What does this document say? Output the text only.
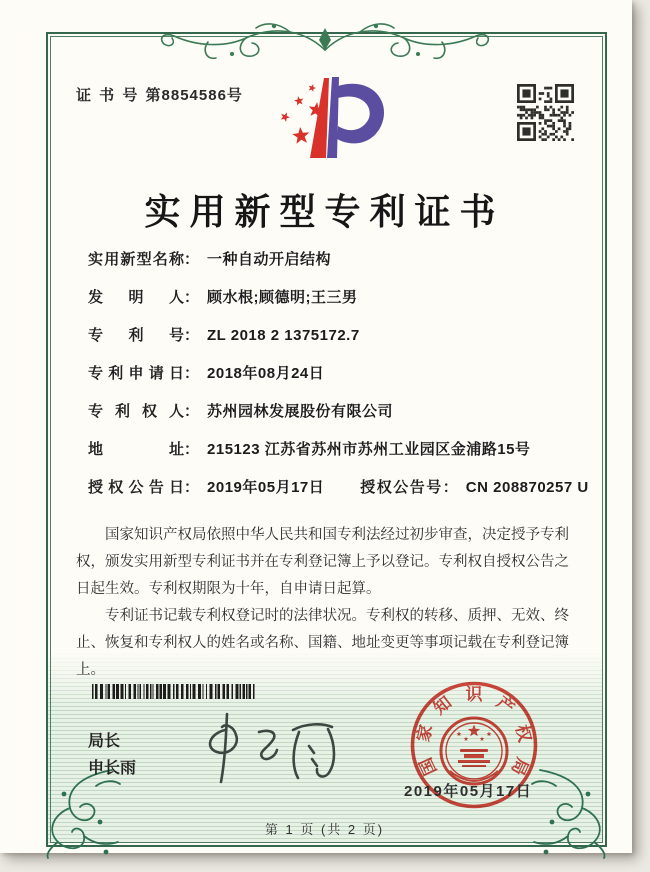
证 书 号 第8854586号
实用新型专利证书
实用新型名称： 一种自动开启结构
发明人： 顾水根;顾德明;王三男
专利号： ZL 2018 2 1375172.7
专利申请日： 2018年08月24日
专利权人： 苏州园林发展股份有限公司
地址： 215123 江苏省苏州市苏州工业园区金浦路15号
授权公告日： 2019年05月17日 授权公告号： CN 208870257 U

国家知识产权局依照中华人民共和国专利法经过初步审查，决定授予专利权，颁发实用新型专利证书并在专利登记簿上予以登记。专利权自授权公告之日起生效。专利权期限为十年，自申请日起算。

专利证书记载专利权登记时的法律状况。专利权的转移、质押、无效、终止、恢复和专利权人的姓名或名称、国籍、地址变更等事项记载在专利登记簿上。

局长
申长雨	国
家
知 识 产
权
局
2019年05月17日
第 1 页 (共 2 页)
